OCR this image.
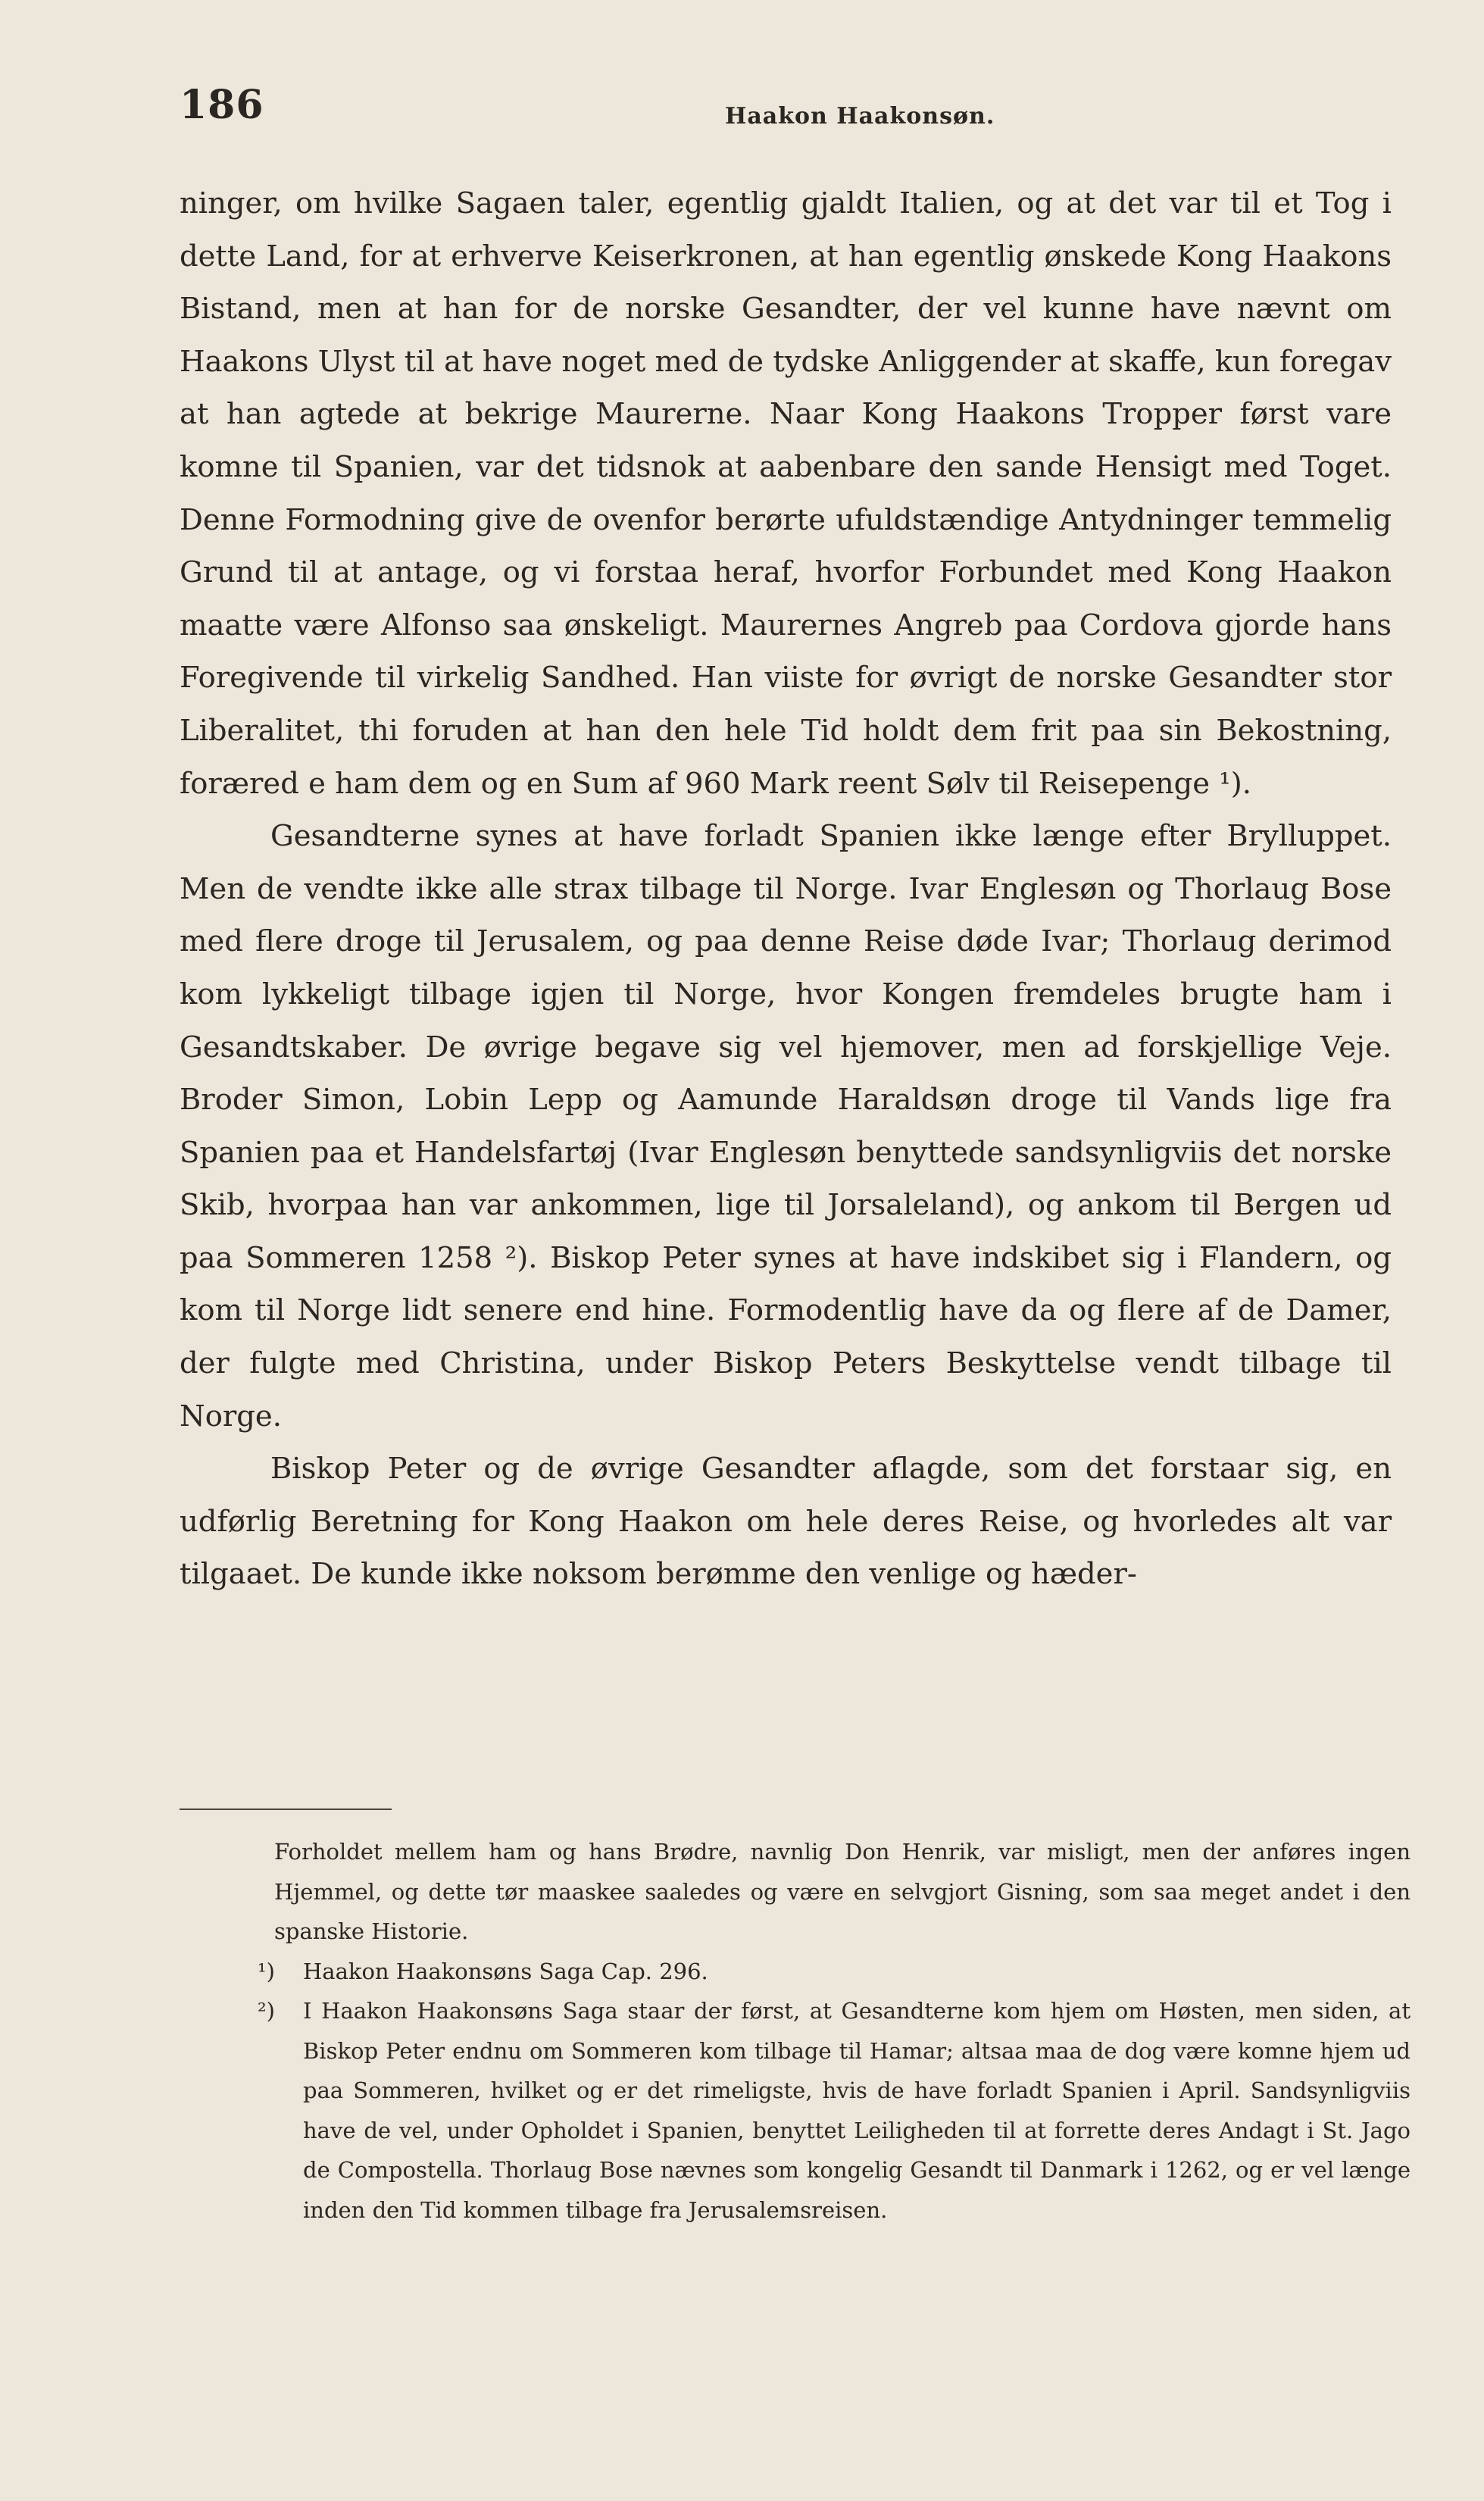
186	Haakon Haakonsøn.

ninger, om hvilke Sagaen taler, egentlig gjaldt Italien, og at det var til et Tog i dette Land, for at erhverve Keiserkronen, at han egentlig ønskede Kong Haakons Bistand, men at han for de norske Gesandter, der vel kunne have nævnt om Haakons Ulyst til at have noget med de tydske Anliggender at skaffe, kun foregav at han agtede at bekrige Maurerne. Naar Kong Haakons Tropper først vare komne til Spanien, var det tidsnok at aabenbare den sande Hensigt med Toget. Denne Formodning give de ovenfor berørte ufuldstændige Antydninger temmelig Grund til at antage, og vi forstaa heraf, hvorfor Forbundet med Kong Haakon maatte være Alfonso saa ønskeligt. Maurernes Angreb paa Cordova gjorde hans Foregivende til virkelig Sandhed. Han viiste for øvrigt de norske Gesandter stor Liberalitet, thi foruden at han den hele Tid holdt dem frit paa sin Bekostning, foræred e ham dem og en Sum af 960 Mark reent Sølv til Reisepenge ¹).

Gesandterne synes at have forladt Spanien ikke længe efter Brylluppet. Men de vendte ikke alle strax tilbage til Norge. Ivar Englesøn og Thorlaug Bose med flere droge til Jerusalem, og paa denne Reise døde Ivar; Thorlaug derimod kom lykkeligt tilbage igjen til Norge, hvor Kongen fremdeles brugte ham i Gesandtskaber. De øvrige begave sig vel hjemover, men ad forskjellige Veje. Broder Simon, Lobin Lepp og Aamunde Haraldsøn droge til Vands lige fra Spanien paa et Handelsfartøj (Ivar Englesøn benyttede sandsynligviis det norske Skib, hvorpaa han var ankommen, lige til Jorsaleland), og ankom til Bergen ud paa Sommeren 1258 ²). Biskop Peter synes at have indskibet sig i Flandern, og kom til Norge lidt senere end hine. Formodentlig have da og flere af de Damer, der fulgte med Christina, under Biskop Peters Beskyttelse vendt tilbage til Norge.

Biskop Peter og de øvrige Gesandter aflagde, som det forstaar sig, en udførlig Beretning for Kong Haakon om hele deres Reise, og hvorledes alt var tilgaaet. De kunde ikke noksom berømme den venlige og hæder-

Forholdet mellem ham og hans Brødre, navnlig Don Henrik, var misligt, men der anføres ingen Hjemmel, og dette tør maaskee saaledes og være en selvgjort Gisning, som saa meget andet i den spanske Historie.

¹) Haakon Haakonsøns Saga Cap. 296.

²) I Haakon Haakonsøns Saga staar der først, at Gesandterne kom hjem om Høsten, men siden, at Biskop Peter endnu om Sommeren kom tilbage til Hamar; altsaa maa de dog være komne hjem ud paa Sommeren, hvilket og er det rimeligste, hvis de have forladt Spanien i April. Sandsynligviis have de vel, under Opholdet i Spanien, benyttet Leiligheden til at forrette deres Andagt i St. Jago de Compostella. Thorlaug Bose nævnes som kongelig Gesandt til Danmark i 1262, og er vel længe inden den Tid kommen tilbage fra Jerusalemsreisen.
